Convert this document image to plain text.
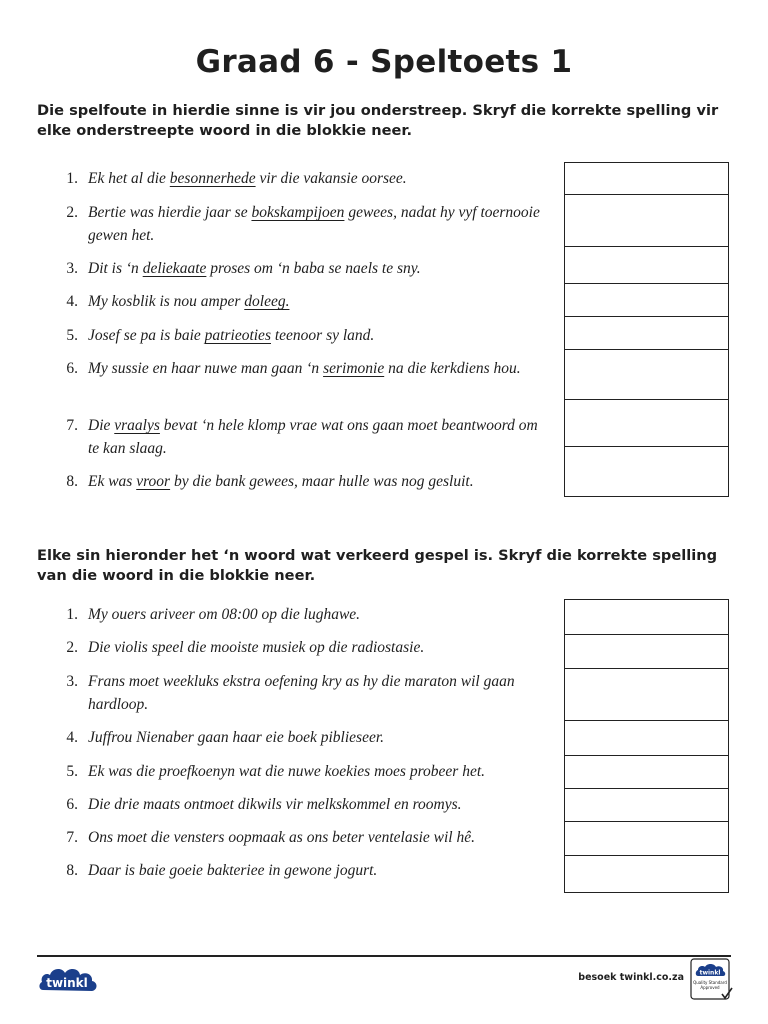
Graad 6 - Speltoets 1
Die spelfoute in hierdie sinne is vir jou onderstreep. Skryf die korrekte spelling vir elke onderstreepte woord in die blokkie neer.
1. Ek het al die besonnerhede vir die vakansie oorsee.
2. Bertie was hierdie jaar se bokskampijoen gewees, nadat hy vyf toernooie gewen het.
3. Dit is ‘n deliekaate proses om ‘n baba se naels te sny.
4. My kosblik is nou amper doleeg.
5. Josef se pa is baie patrieoties teenoor sy land.
6. My sussie en haar nuwe man gaan ‘n serimonie na die kerkdiens hou.
7. Die vraalys bevat ‘n hele klomp vrae wat ons gaan moet beantwoord om te kan slaag.
8. Ek was vroor by die bank gewees, maar hulle was nog gesluit.
Elke sin hieronder het ‘n woord wat verkeerd gespel is. Skryf die korrekte spelling van die woord in die blokkie neer.
1. My ouers ariveer om 08:00 op die lughawe.
2. Die violis speel die mooiste musiek op die radiostasie.
3. Frans moet weekluks ekstra oefening kry as hy die maraton wil gaan hardloop.
4. Juffrou Nienaber gaan haar eie boek piblieseer.
5. Ek was die proefkoenyn wat die nuwe koekies moes probeer het.
6. Die drie maats ontmoet dikwils vir melkskommel en roomys.
7. Ons moet die vensters oopmaak as ons beter ventelasie wil hê.
8. Daar is baie goeie bakteriee in gewone jogurt.
twinkl	besoek twinkl.co.za	twinkl
Quality Standard Approved
